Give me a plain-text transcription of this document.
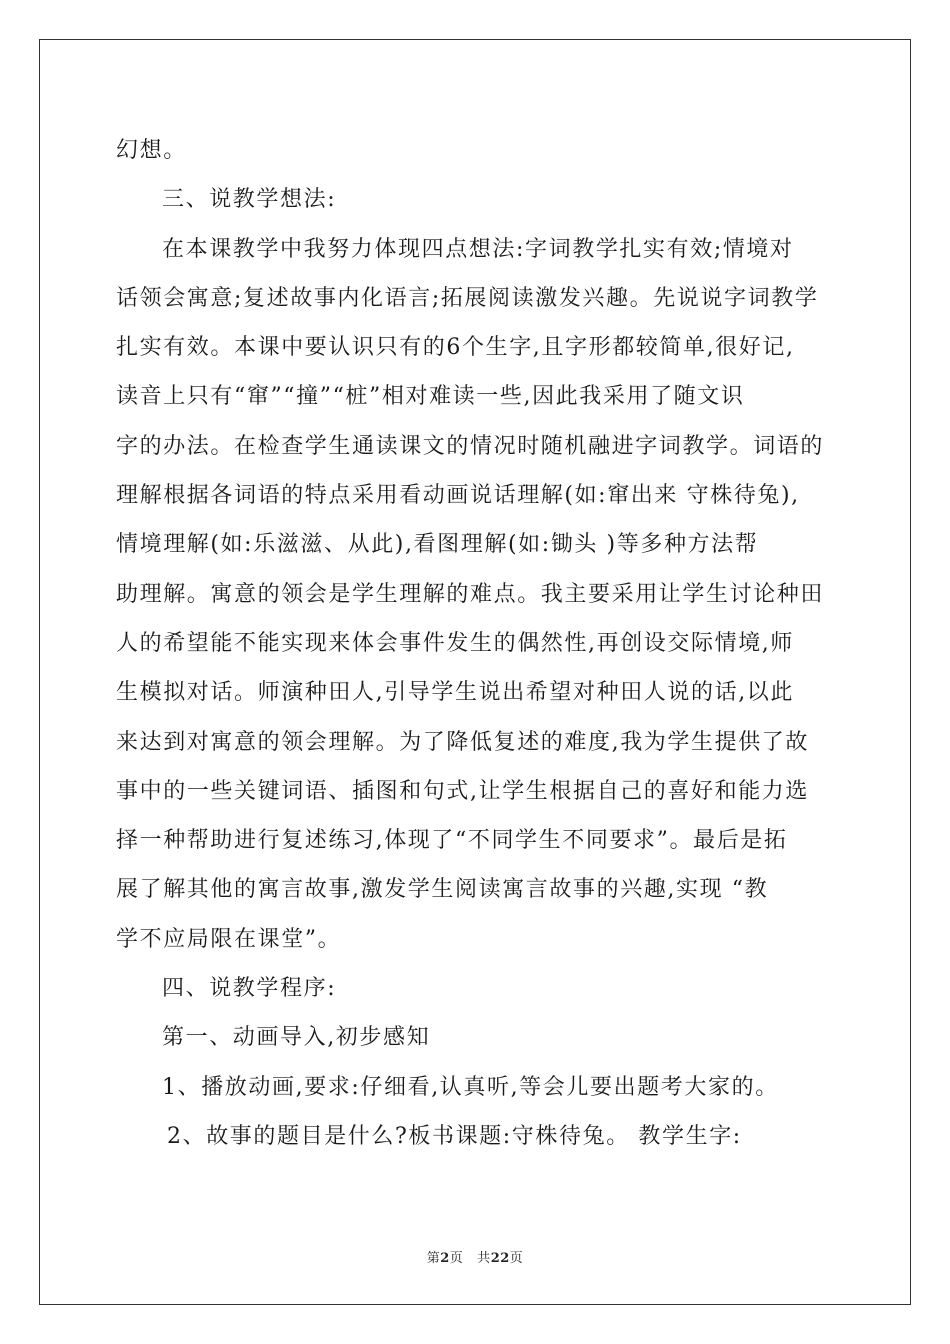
幻想。
三、说教学想法:
在本课教学中我努力体现四点想法:字词教学扎实有效;情境对
话领会寓意;复述故事内化语言;拓展阅读激发兴趣。先说说字词教学
扎实有效。本课中要认识只有的6个生字,且字形都较简单,很好记,
读音上只有“窜”“撞”“桩”相对难读一些,因此我采用了随文识
字的办法。在检查学生通读课文的情况时随机融进字词教学。词语的
理解根据各词语的特点采用看动画说话理解(如:窜出来 守株待兔),
情境理解(如:乐滋滋、从此),看图理解(如:锄头 )等多种方法帮
助理解。寓意的领会是学生理解的难点。我主要采用让学生讨论种田
人的希望能不能实现来体会事件发生的偶然性,再创设交际情境,师
生模拟对话。师演种田人,引导学生说出希望对种田人说的话,以此
来达到对寓意的领会理解。为了降低复述的难度,我为学生提供了故
事中的一些关键词语、插图和句式,让学生根据自己的喜好和能力选
择一种帮助进行复述练习,体现了“不同学生不同要求”。最后是拓
展了解其他的寓言故事,激发学生阅读寓言故事的兴趣,实现 “教
学不应局限在课堂”。
四、说教学程序:
第一、动画导入,初步感知
1、播放动画,要求:仔细看,认真听,等会儿要出题考大家的。
2、故事的题目是什么?板书课题:守株待兔。 教学生字:
第2页 共22页
